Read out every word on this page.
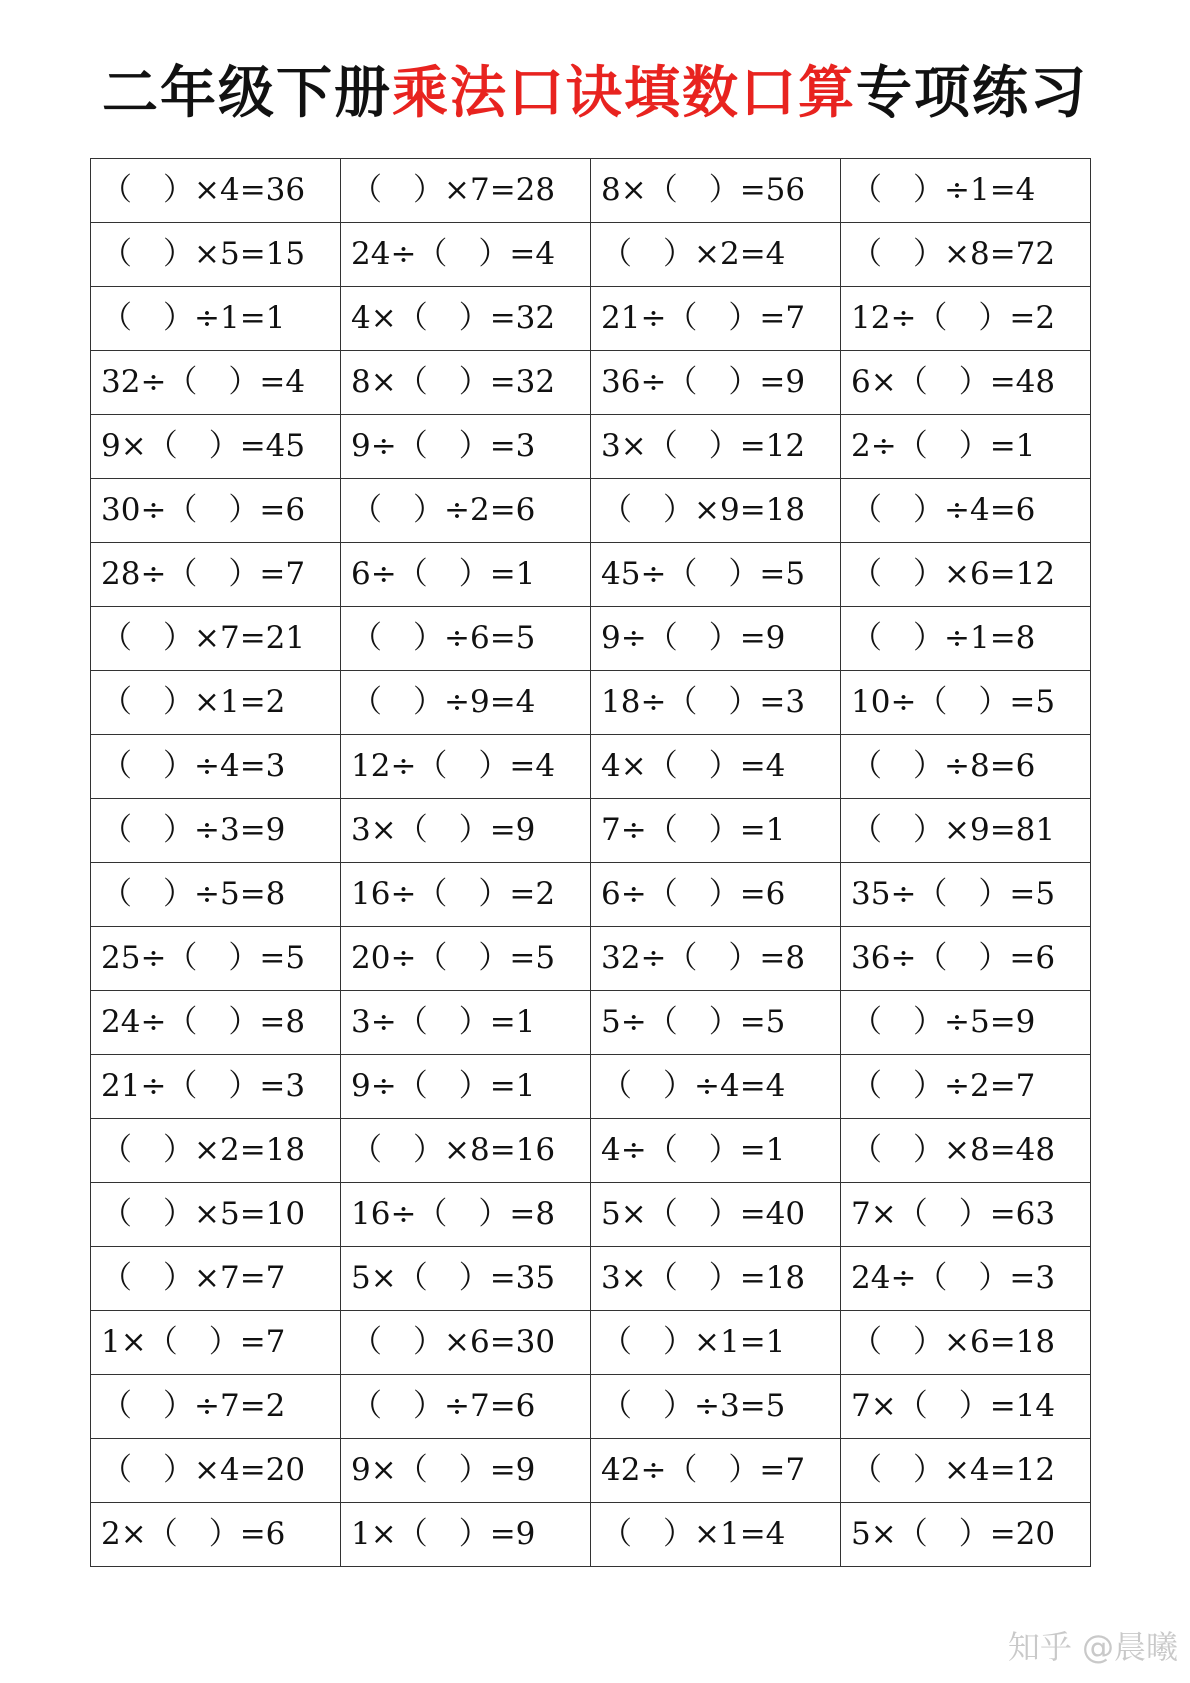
二年级下册乘法口诀填数口算专项练习
（　）×4=36	（　）×7=28	8×（　）=56	（　）÷1=4
（　）×5=15	24÷（　）=4	（　）×2=4	（　）×8=72
（　）÷1=1	4×（　）=32	21÷（　）=7	12÷（　）=2
32÷（　）=4	8×（　）=32	36÷（　）=9	6×（　）=48
9×（　）=45	9÷（　）=3	3×（　）=12	2÷（　）=1
30÷（　）=6	（　）÷2=6	（　）×9=18	（　）÷4=6
28÷（　）=7	6÷（　）=1	45÷（　）=5	（　）×6=12
（　）×7=21	（　）÷6=5	9÷（　）=9	（　）÷1=8
（　）×1=2	（　）÷9=4	18÷（　）=3	10÷（　）=5
（　）÷4=3	12÷（　）=4	4×（　）=4	（　）÷8=6
（　）÷3=9	3×（　）=9	7÷（　）=1	（　）×9=81
（　）÷5=8	16÷（　）=2	6÷（　）=6	35÷（　）=5
25÷（　）=5	20÷（　）=5	32÷（　）=8	36÷（　）=6
24÷（　）=8	3÷（　）=1	5÷（　）=5	（　）÷5=9
21÷（　）=3	9÷（　）=1	（　）÷4=4	（　）÷2=7
（　）×2=18	（　）×8=16	4÷（　）=1	（　）×8=48
（　）×5=10	16÷（　）=8	5×（　）=40	7×（　）=63
（　）×7=7	5×（　）=35	3×（　）=18	24÷（　）=3
1×（　）=7	（　）×6=30	（　）×1=1	（　）×6=18
（　）÷7=2	（　）÷7=6	（　）÷3=5	7×（　）=14
（　）×4=20	9×（　）=9	42÷（　）=7	（　）×4=12
2×（　）=6	1×（　）=9	（　）×1=4	5×（　）=20
知乎 @晨曦
